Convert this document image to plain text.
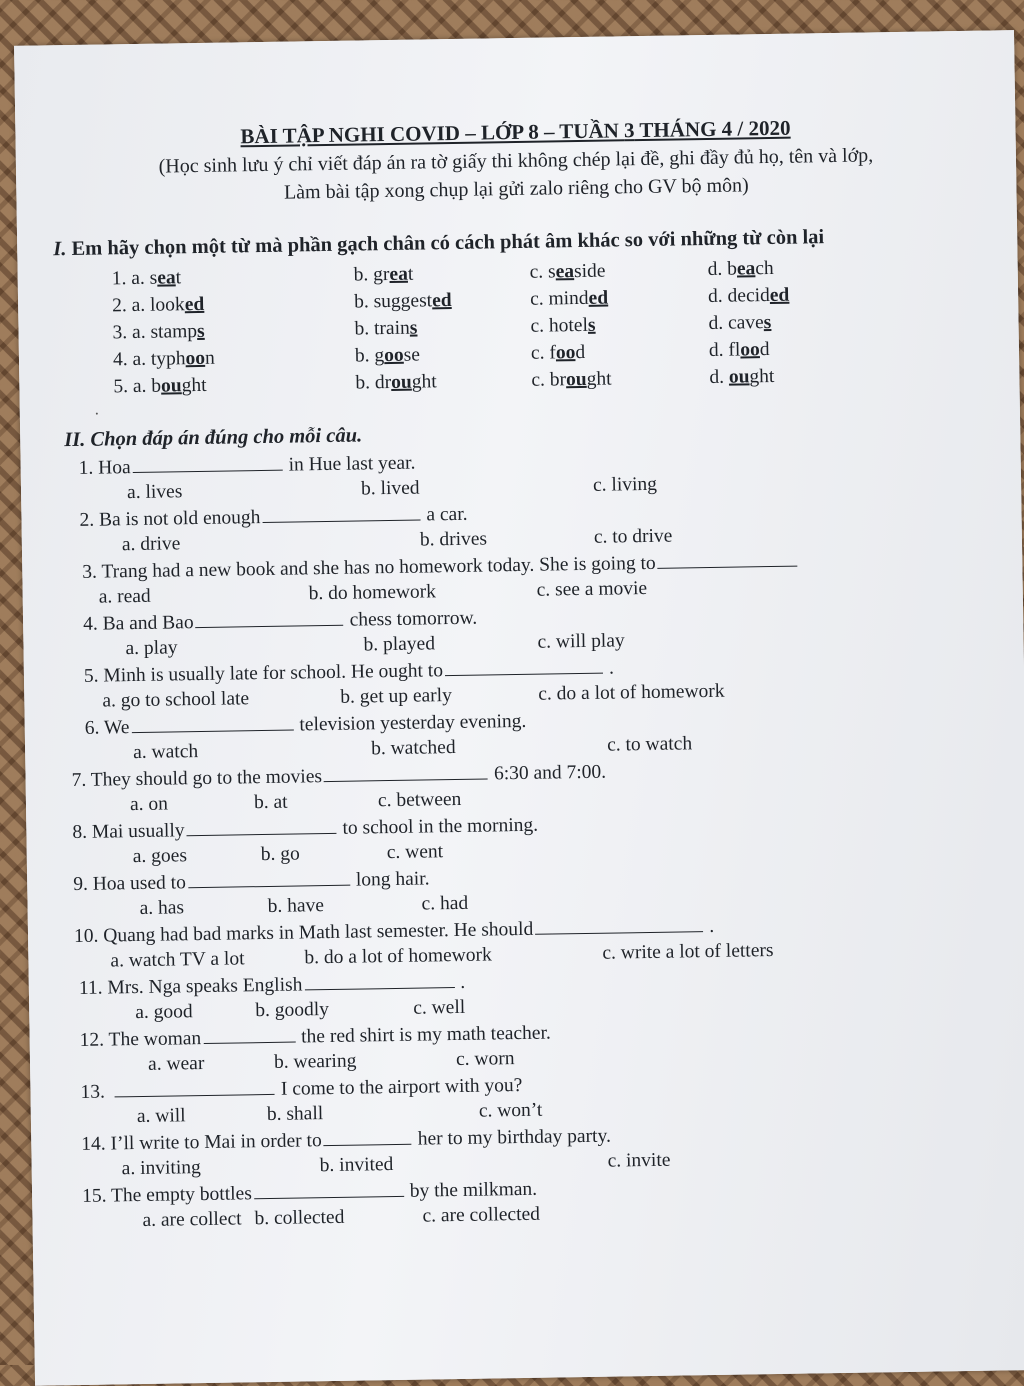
BÀI TẬP NGHI COVID – LỚP 8 – TUẦN 3 THÁNG 4 / 2020
(Học sinh lưu ý chỉ viết đáp án ra tờ giấy thi không chép lại đề, ghi đầy đủ họ, tên và lớp,
Làm bài tập xong chụp lại gửi zalo riêng cho GV bộ môn)
I. Em hãy chọn một từ mà phần gạch chân có cách phát âm khác so với những từ còn lại
1. a. seat	b. great	c. seaside	d. beach
2. a. looked	b. suggested	c. minded	d. decided
3. a. stamps	b. trains	c. hotels	d. caves
4. a. typhoon	b. goose	c. food	d. flood
5. a. bought	b. drought	c. brought	d. ought
II. Chọn đáp án đúng cho mỗi câu.
1. Hoa	in Hue last year.
a. lives	b. lived	c. living
2. Ba is not old enough	a car.
a. drive	b. drives	c. to drive
3. Trang had a new book and she has no homework today. She is going to
a. read	b. do homework	c. see a movie
4. Ba and Bao	chess tomorrow.
a. play	b. played	c. will play
5. Minh is usually late for school. He ought to	.
a. go to school late	b. get up early	c. do a lot of homework
6. We	television yesterday evening.
a. watch	b. watched	c. to watch
7. They should go to the movies	6:30 and 7:00.
a. on	b. at	c. between
8. Mai usually	to school in the morning.
a. goes	b. go	c. went
9. Hoa used to	long hair.
a. has	b. have	c. had
10. Quang had bad marks in Math last semester. He should	.
a. watch TV a lot	b. do a lot of homework	c. write a lot of letters
11. Mrs. Nga speaks English	.
a. good	b. goodly	c. well
12. The woman	the red shirt is my math teacher.
a. wear	b. wearing	c. worn
13.	I come to the airport with you?
a. will	b. shall	c. won’t
14. I’ll write to Mai in order to	her to my birthday party.
a. inviting	b. invited	c. invite
15. The empty bottles	by the milkman.
a. are collect b. collected	c. are collected
